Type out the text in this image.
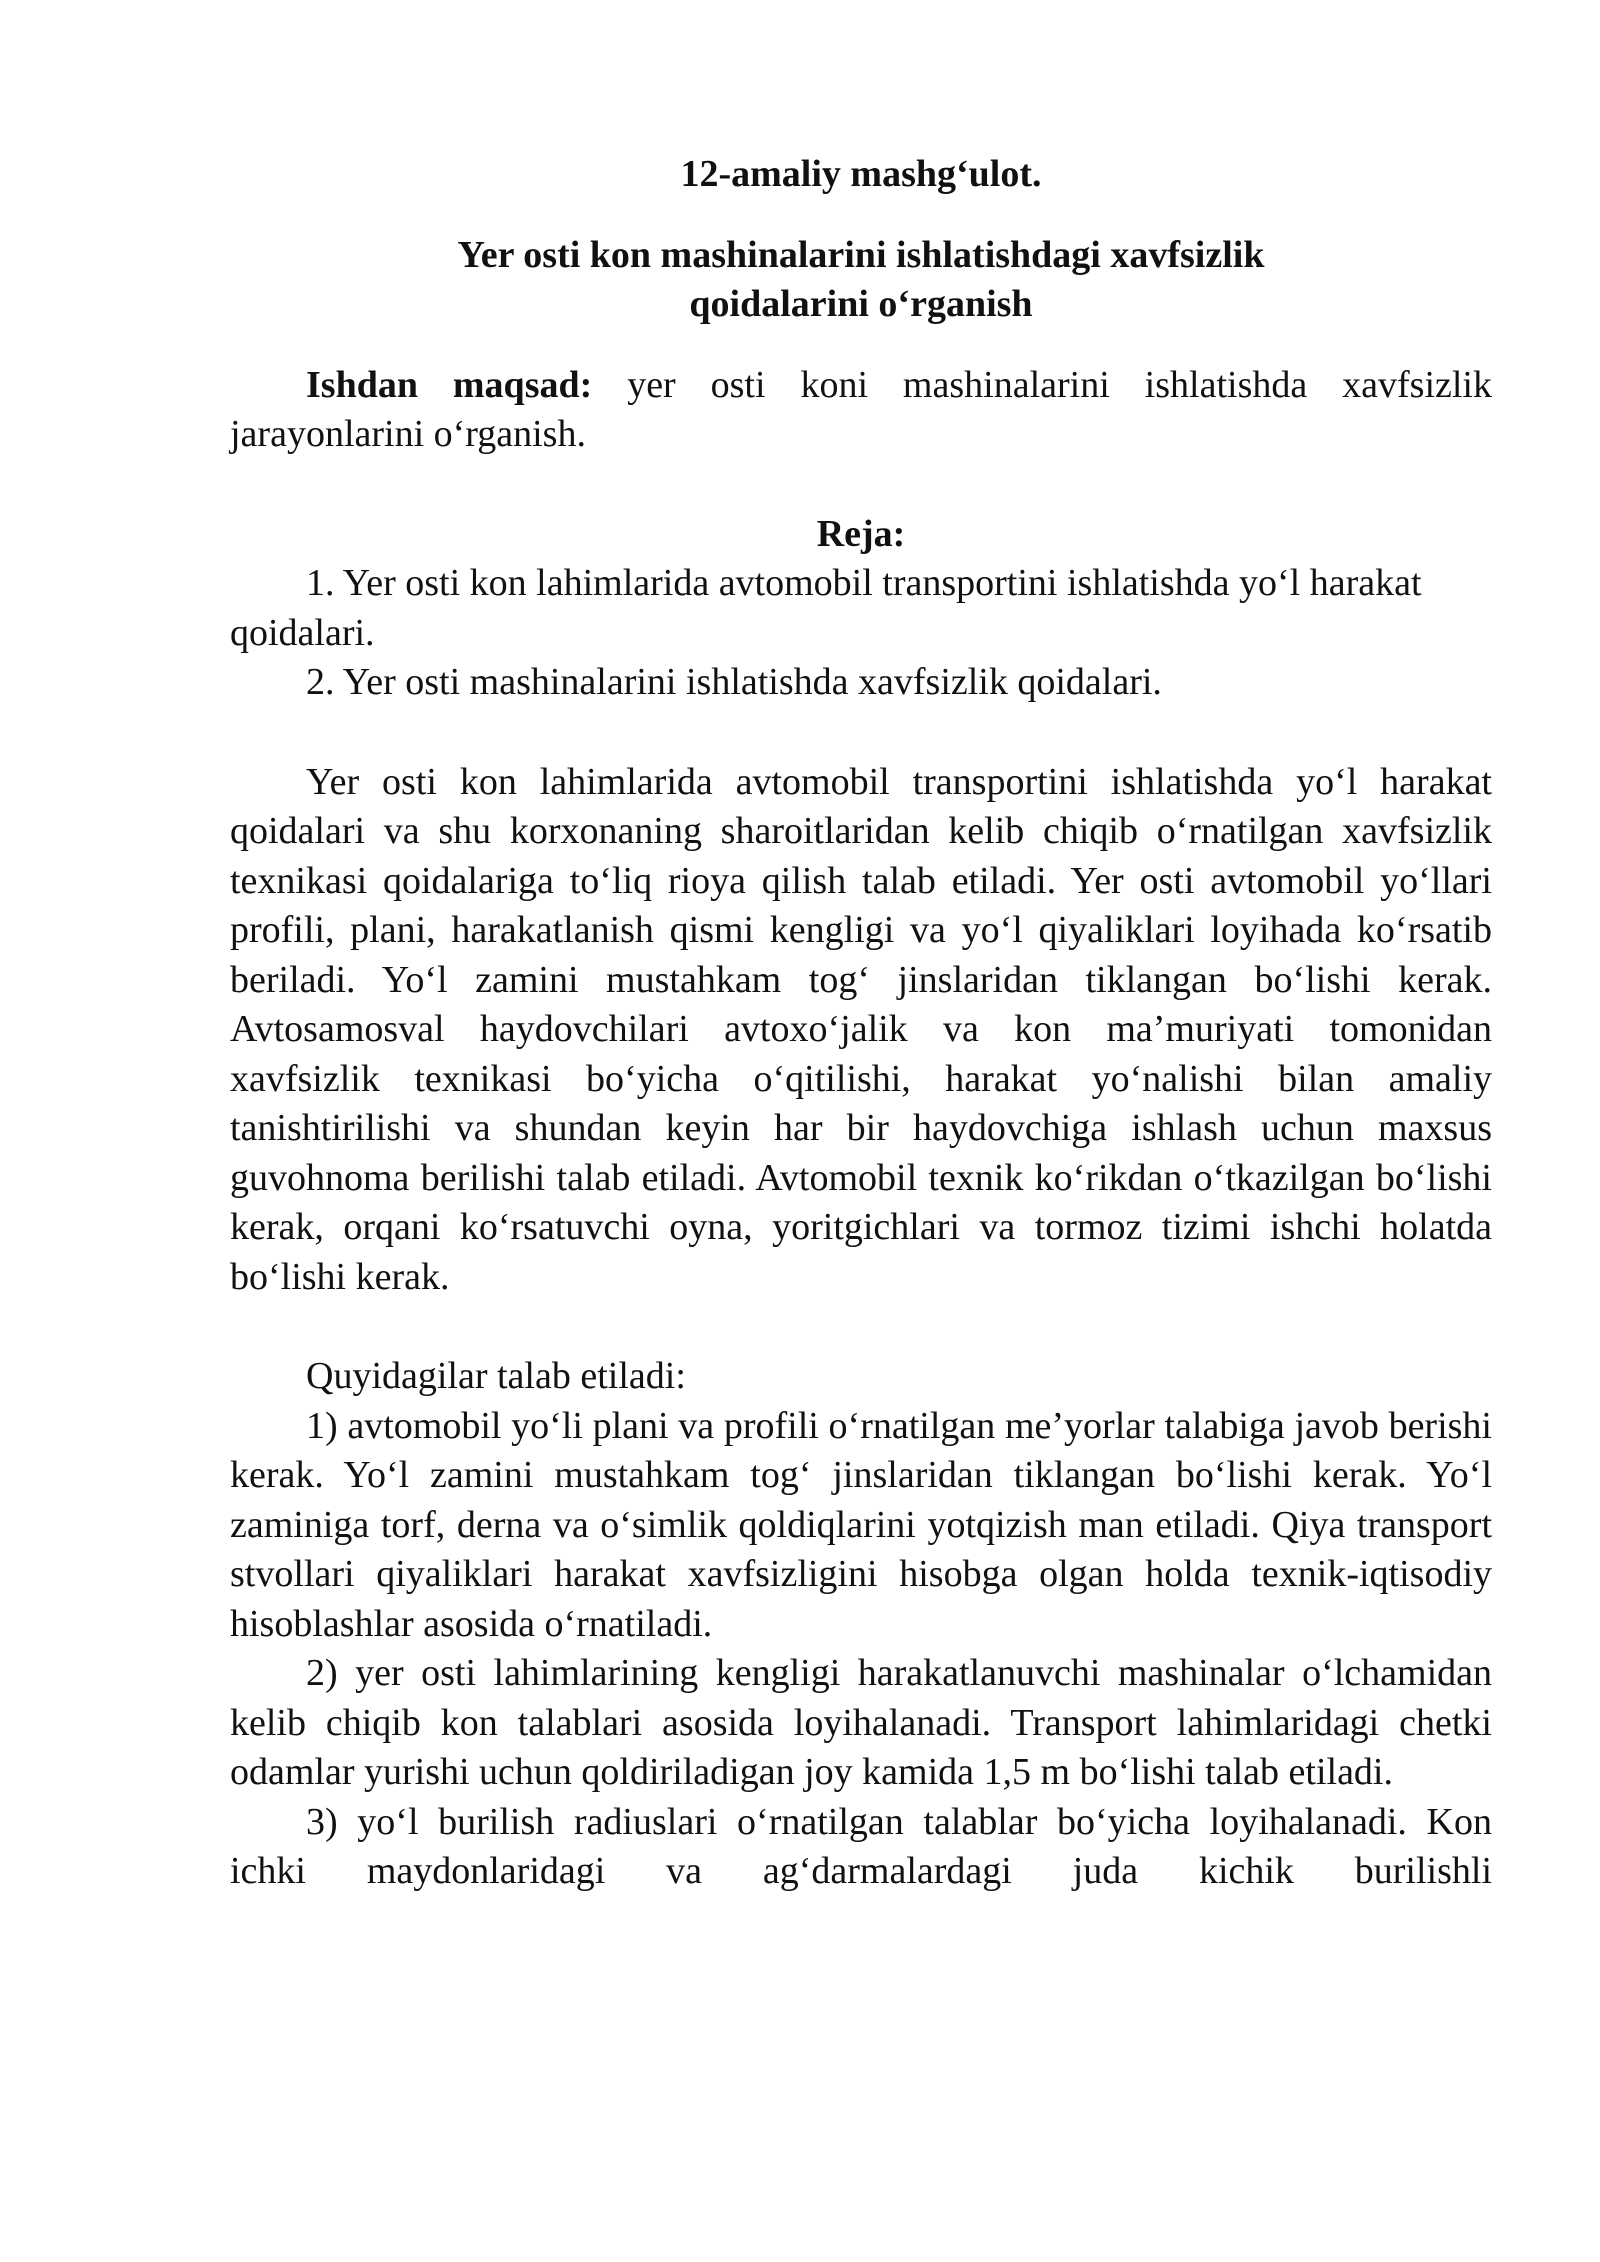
12-amaliy mashg‘ulot.

Yer osti kon mashinalarini ishlatishdagi xavfsizlik
qoidalarini o‘rganish

Ishdan maqsad: yer osti koni mashinalarini ishlatishda xavfsizlik jarayonlarini o‘rganish.

Reja:

1. Yer osti kon lahimlarida avtomobil transportini ishlatishda yo‘l harakat qoidalari.

2. Yer osti mashinalarini ishlatishda xavfsizlik qoidalari.

Yer osti kon lahimlarida avtomobil transportini ishlatishda yo‘l harakat qoidalari va shu korxonaning sharoitlaridan kelib chiqib o‘rnatilgan xavfsizlik texnikasi qoidalariga to‘liq rioya qilish talab etiladi. Yer osti avtomobil yo‘llari profili, plani, harakatlanish qismi kengligi va yo‘l qiyaliklari loyihada ko‘rsatib beriladi. Yo‘l zamini mustahkam tog‘ jinslaridan tiklangan bo‘lishi kerak. Avtosamosval haydovchilari avtoxo‘jalik va kon ma’muriyati tomonidan xavfsizlik texnikasi bo‘yicha o‘qitilishi, harakat yo‘nalishi bilan amaliy tanishtirilishi va shundan keyin har bir haydovchiga ishlash uchun maxsus guvohnoma berilishi talab etiladi. Avtomobil texnik ko‘rikdan o‘tkazilgan bo‘lishi kerak, orqani ko‘rsatuvchi oyna, yoritgichlari va tormoz tizimi ishchi holatda bo‘lishi kerak.

Quyidagilar talab etiladi:

1) avtomobil yo‘li plani va profili o‘rnatilgan me’yorlar talabiga javob berishi kerak. Yo‘l zamini mustahkam tog‘ jinslaridan tiklangan bo‘lishi kerak. Yo‘l zaminiga torf, derna va o‘simlik qoldiqlarini yotqizish man etiladi. Qiya transport stvollari qiyaliklari harakat xavfsizligini hisobga olgan holda texnik-iqtisodiy hisoblashlar asosida o‘rnatiladi.

2) yer osti lahimlarining kengligi harakatlanuvchi mashinalar o‘lchamidan kelib chiqib kon talablari asosida loyihalanadi. Transport lahimlaridagi chetki odamlar yurishi uchun qoldiriladigan joy kamida 1,5 m bo‘lishi talab etiladi.

3) yo‘l burilish radiuslari o‘rnatilgan talablar bo‘yicha loyihalanadi. Kon ichki maydonlaridagi va ag‘darmalardagi juda kichik burilishli
